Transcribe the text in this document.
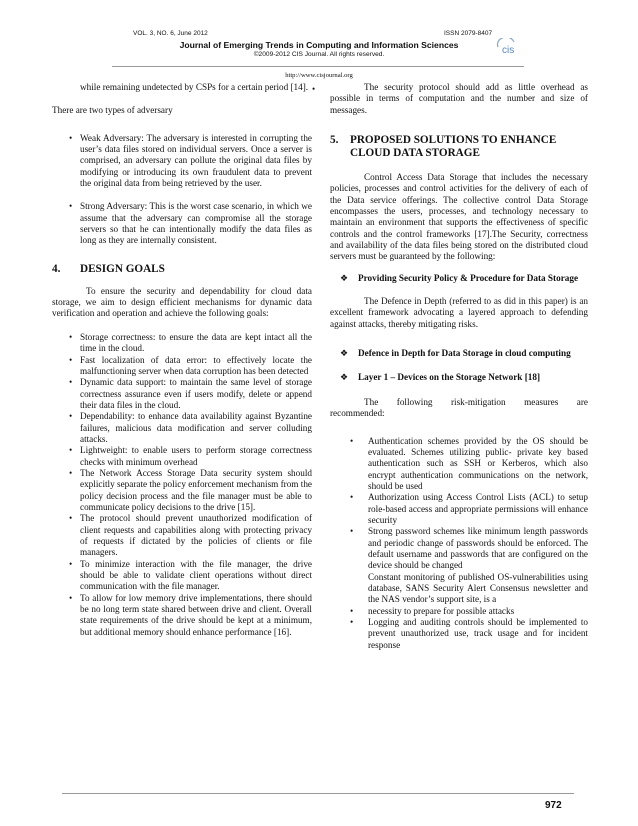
VOL. 3, NO. 6, June 2012	ISSN 2079-8407
Journal of Emerging Trends in Computing and Information Sciences
©2009-2012 CIS Journal. All rights reserved.	cis
http://www.cisjournal.org
•

while remaining undetected by CSPs for a certain period [14].

There are two types of adversary

• Weak Adversary: The adversary is interested in corrupting the user’s data files stored on individual servers. Once a server is comprised, an adversary can pollute the original data files by modifying or introducing its own fraudulent data to prevent the original data from being retrieved by the user.
• Strong Adversary: This is the worst case scenario, in which we assume that the adversary can compromise all the storage servers so that he can intentionally modify the data files as long as they are internally consistent.
4. DESIGN GOALS

To ensure the security and dependability for cloud data storage, we aim to design efficient mechanisms for dynamic data verification and operation and achieve the following goals:

• Storage correctness: to ensure the data are kept intact all the time in the cloud.
• Fast localization of data error: to effectively locate the malfunctioning server when data corruption has been detected
• Dynamic data support: to maintain the same level of storage correctness assurance even if users modify, delete or append their data files in the cloud.
• Dependability: to enhance data availability against Byzantine failures, malicious data modification and server colluding attacks.
• Lightweight: to enable users to perform storage correctness checks with minimum overhead
• The Network Access Storage Data security system should explicitly separate the policy enforcement mechanism from the policy decision process and the file manager must be able to communicate policy decisions to the drive [15].
• The protocol should prevent unauthorized modification of client requests and capabilities along with protecting privacy of requests if dictated by the policies of clients or file managers.
• To minimize interaction with the file manager, the drive should be able to validate client operations without direct communication with the file manager.
• To allow for low memory drive implementations, there should be no long term state shared between drive and client. Overall state requirements of the drive should be kept at a minimum, but additional memory should enhance performance [16].

The security protocol should add as little overhead as possible in terms of computation and the number and size of messages.

5.	PROPOSED SOLUTIONS TO ENHANCE CLOUD DATA STORAGE

Control Access Data Storage that includes the necessary policies, processes and control activities for the delivery of each of the Data service offerings. The collective control Data Storage encompasses the users, processes, and technology necessary to maintain an environment that supports the effectiveness of specific controls and the control frameworks [17].The Security, correctness and availability of the data files being stored on the distributed cloud servers must be guaranteed by the following:

❖ Providing Security Policy & Procedure for Data Storage

The Defence in Depth (referred to as did in this paper) is an excellent framework advocating a layered approach to defending against attacks, thereby mitigating risks.

❖ Defence in Depth for Data Storage in cloud computing
❖ Layer 1 – Devices on the Storage Network [18]

The following risk-mitigation measures are recommended:

• Authentication schemes provided by the OS should be evaluated. Schemes utilizing public- private key based authentication such as SSH or Kerberos, which also encrypt authentication communications on the network, should be used
• Authorization using Access Control Lists (ACL) to setup role-based access and appropriate permissions will enhance security
• Strong password schemes like minimum length passwords and periodic change of passwords should be enforced. The default username and passwords that are configured on the device should be changed
Constant monitoring of published OS-vulnerabilities using database, SANS Security Alert Consensus newsletter and the NAS vendor’s support site, is a
• necessity to prepare for possible attacks
• Logging and auditing controls should be implemented to prevent unauthorized use, track usage and for incident response
972
